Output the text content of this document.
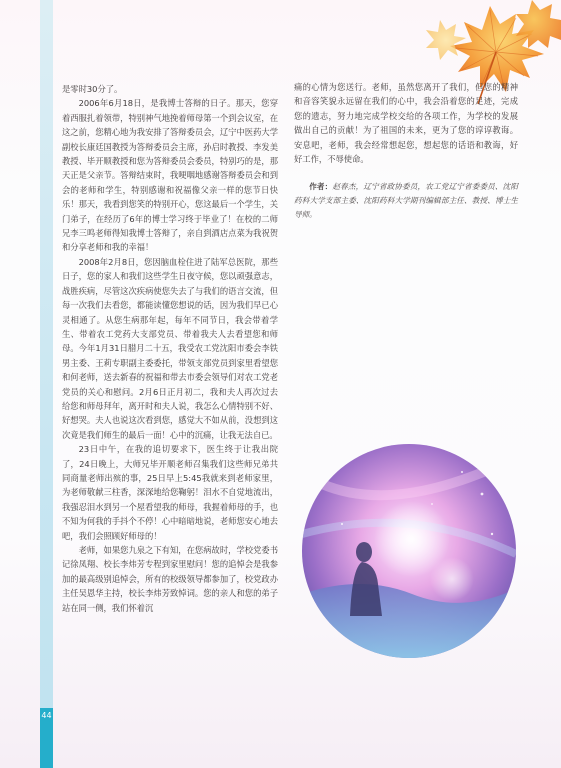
44

是零时30分了。

2006年6月18日，是我博士答辩的日子。那天，您穿着西服扎着领带，特别神气地挽着师母第一个到会议室，在这之前，您精心地为我安排了答辩委员会，辽宁中医药大学副校长康廷国教授为答辩委员会主席，孙启时教授、李发美教授、毕开顺教授和您为答辩委员会委员，特别巧的是，那天正是父亲节。答辩结束时，我哽咽地感谢答辩委员会和到会的老师和学生，特别感谢和祝福像父亲一样的您节日快乐！那天，我看到您笑的特别开心，您这最后一个学生，关门弟子，在经历了6年的博士学习终于毕业了！在校的二师兄李三鸣老师得知我博士答辩了，亲自到酒店点菜为我祝贺和分享老师和我的幸福！

2008年2月8日，您因脑血栓住进了陆军总医院，那些日子，您的家人和我们这些学生日夜守候，您以顽强意志，战胜疾病，尽管这次疾病使您失去了与我们的语言交流，但每一次我们去看您，都能读懂您想说的话，因为我们早已心灵相通了。从您生病那年起，每年不同节日，我会带着学生、带着农工党药大支部党员、带着我夫人去看望您和师母。今年1月31日腊月二十五，我受农工党沈阳市委会李铁男主委、王莉专职副主委委托，带领支部党员到家里看望您和何老师，送去新春的祝福和带去市委会领导们对农工党老党员的关心和慰问。2月6日正月初二，我和夫人再次过去给您和师母拜年，离开时和夫人说，我怎么心情特别不好、好想哭。夫人也说这次看到您，感觉大不如从前，没想到这次竟是我们师生的最后一面！心中的沉痛，让我无法自已。

23日中午，在我的追切要求下，医生终于让我出院了，24日晚上，大师兄毕开顺老师召集我们这些师兄弟共同商量老师出殡的事，25日早上5:45我就来到老师家里，为老师敬献三柱香，深深地给您鞠躬！泪水不自觉地流出，我强忍泪水到另一个屋看望我的师母，我握着师母的手，也不知为何我的手抖个不停！心中暗暗地说，老师您安心地去吧，我们会照顾好师母的！

老师，如果您九泉之下有知，在您病故时，学校党委书记徐凤翔、校长李炜芳专程到家里慰问！您的追悼会是我参加的最高级别追悼会，所有的校级领导都参加了，校党政办主任吴恩华主持，校长李炜芳致悼词。您的亲人和您的弟子站在同一侧，我们怀着沉

痛的心情为您送行。老师，虽然您离开了我们，但您的精神和音容笑貌永远留在我们的心中，我会沿着您的足迹，完成您的遗志，努力地完成学校交给的各项工作，为学校的发展做出自己的贡献！为了祖国的未来，更为了您的谆谆教诲。安息吧，老师，我会经常想起您，想起您的话语和教诲，好好工作，不辱使命。

作者：赵春杰，辽宁省政协委员，农工党辽宁省委委员、沈阳药科大学支部主委、沈阳药科大学期刊编辑部主任、教授、博士生导师。
